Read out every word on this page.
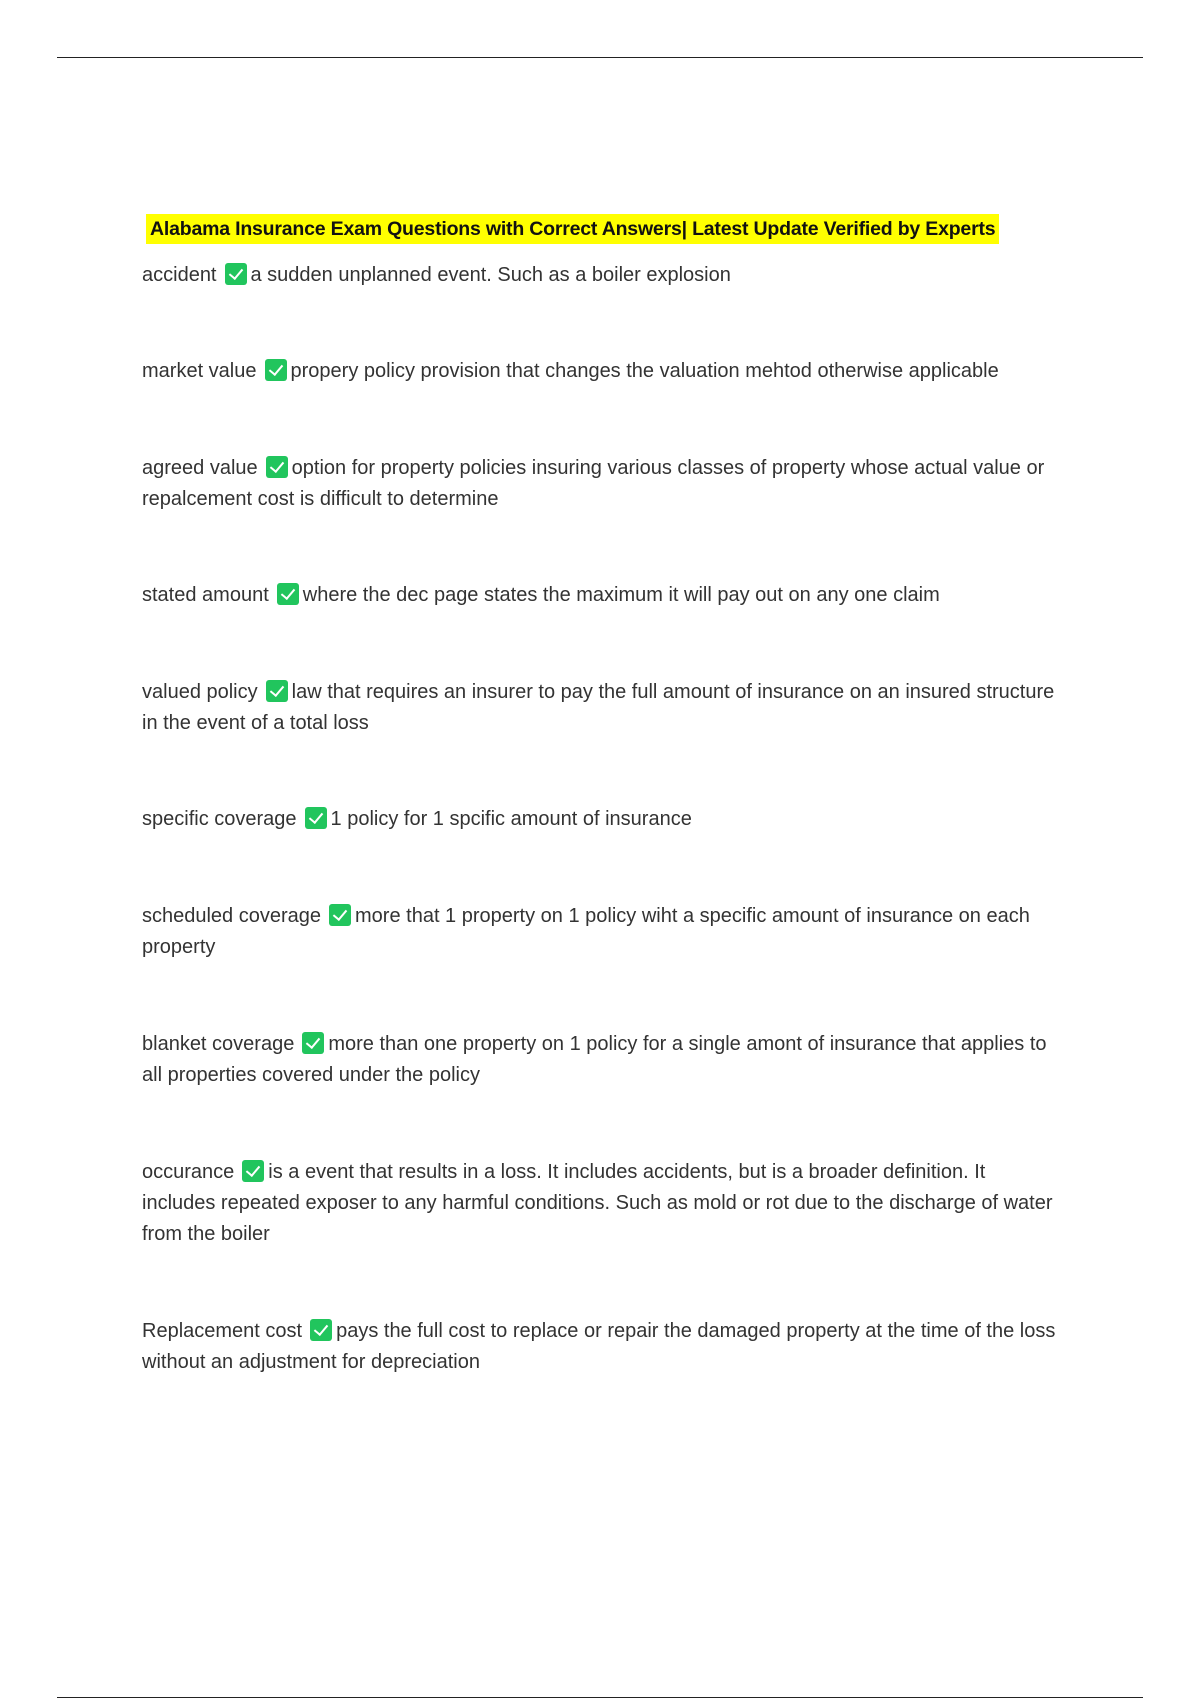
Alabama Insurance Exam Questions with Correct Answers| Latest Update Verified by Experts

accident a sudden unplanned event. Such as a boiler explosion

market value propery policy provision that changes the valuation mehtod otherwise applicable

agreed value option for property policies insuring various classes of property whose actual value or repalcement cost is difficult to determine

stated amount where the dec page states the maximum it will pay out on any one claim

valued policy law that requires an insurer to pay the full amount of insurance on an insured structure in the event of a total loss

specific coverage 1 policy for 1 spcific amount of insurance

scheduled coverage more that 1 property on 1 policy wiht a specific amount of insurance on each property

blanket coverage more than one property on 1 policy for a single amont of insurance that applies to all properties covered under the policy

occurance is a event that results in a loss. It includes accidents, but is a broader definition. It includes repeated exposer to any harmful conditions. Such as mold or rot due to the discharge of water from the boiler

Replacement cost pays the full cost to replace or repair the damaged property at the time of the loss without an adjustment for depreciation
